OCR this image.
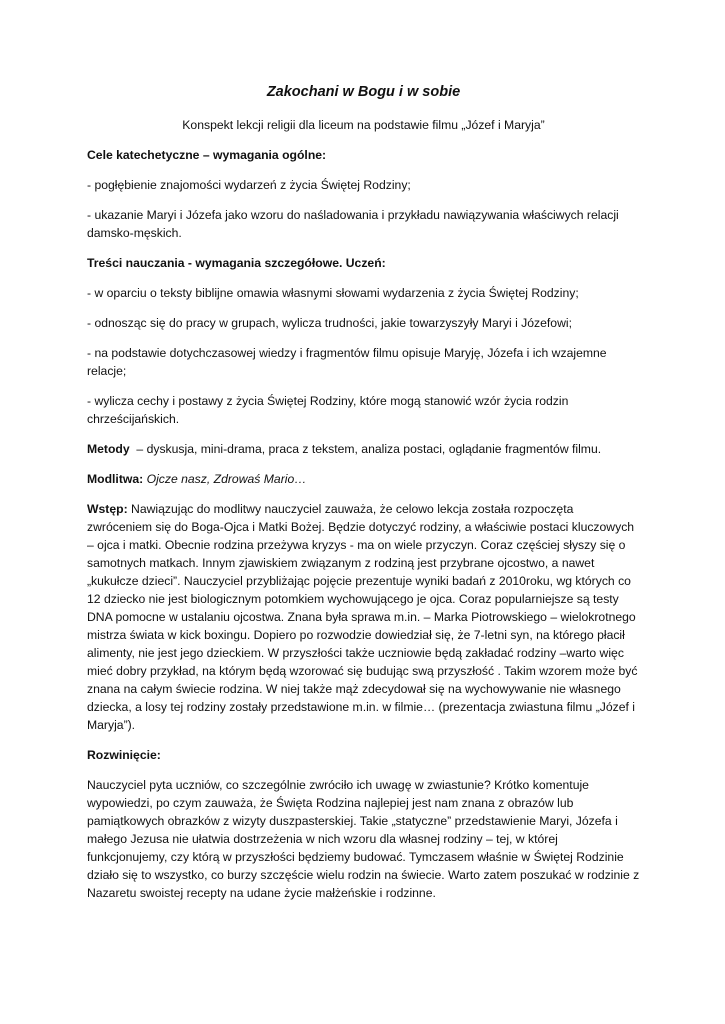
Zakochani w Bogu i w sobie
Konspekt lekcji religii dla liceum na podstawie filmu „Józef i Maryja”
Cele katechetyczne – wymagania ogólne:

- pogłębienie znajomości wydarzeń z życia Świętej Rodziny;

- ukazanie Maryi i Józefa jako wzoru do naśladowania i przykładu nawiązywania właściwych relacji damsko-męskich.

Treści nauczania - wymagania szczegółowe. Uczeń:

- w oparciu o teksty biblijne omawia własnymi słowami wydarzenia z życia Świętej Rodziny;

- odnosząc się do pracy w grupach, wylicza trudności, jakie towarzyszyły Maryi i Józefowi;

- na podstawie dotychczasowej wiedzy i fragmentów filmu opisuje Maryję, Józefa i ich wzajemne relacje;

- wylicza cechy i postawy z życia Świętej Rodziny, które mogą stanowić wzór życia rodzin chrześcijańskich.

Metody  – dyskusja, mini-drama, praca z tekstem, analiza postaci, oglądanie fragmentów filmu.

Modlitwa: Ojcze nasz, Zdrowaś Mario…

Wstęp: Nawiązując do modlitwy nauczyciel zauważa, że celowo lekcja została rozpoczęta zwróceniem się do Boga-Ojca i Matki Bożej. Będzie dotyczyć rodziny, a właściwie postaci kluczowych – ojca i matki. Obecnie rodzina przeżywa kryzys - ma on wiele przyczyn. Coraz częściej słyszy się o samotnych matkach. Innym zjawiskiem związanym z rodziną jest przybrane ojcostwo, a nawet „kukułcze dzieci”. Nauczyciel przybliżając pojęcie prezentuje wyniki badań z 2010roku, wg których co 12 dziecko nie jest biologicznym potomkiem wychowującego je ojca. Coraz popularniejsze są testy DNA pomocne w ustalaniu ojcostwa. Znana była sprawa m.in. – Marka Piotrowskiego – wielokrotnego mistrza świata w kick boxingu. Dopiero po rozwodzie dowiedział się, że 7-letni syn, na którego płacił alimenty, nie jest jego dzieckiem. W przyszłości także uczniowie będą zakładać rodziny –warto więc mieć dobry przykład, na którym będą wzorować się budując swą przyszłość . Takim wzorem może być znana na całym świecie rodzina. W niej także mąż zdecydował się na wychowywanie nie własnego dziecka, a losy tej rodziny zostały przedstawione m.in. w filmie… (prezentacja zwiastuna filmu „Józef i Maryja”).

Rozwinięcie:

Nauczyciel pyta uczniów, co szczególnie zwróciło ich uwagę w zwiastunie? Krótko komentuje wypowiedzi, po czym zauważa, że Święta Rodzina najlepiej jest nam znana z obrazów lub pamiątkowych obrazków z wizyty duszpasterskiej. Takie „statyczne” przedstawienie Maryi, Józefa i małego Jezusa nie ułatwia dostrzeżenia w nich wzoru dla własnej rodziny – tej, w której funkcjonujemy, czy którą w przyszłości będziemy budować. Tymczasem właśnie w Świętej Rodzinie działo się to wszystko, co burzy szczęście wielu rodzin na świecie. Warto zatem poszukać w rodzinie z Nazaretu swoistej recepty na udane życie małżeńskie i rodzinne.
